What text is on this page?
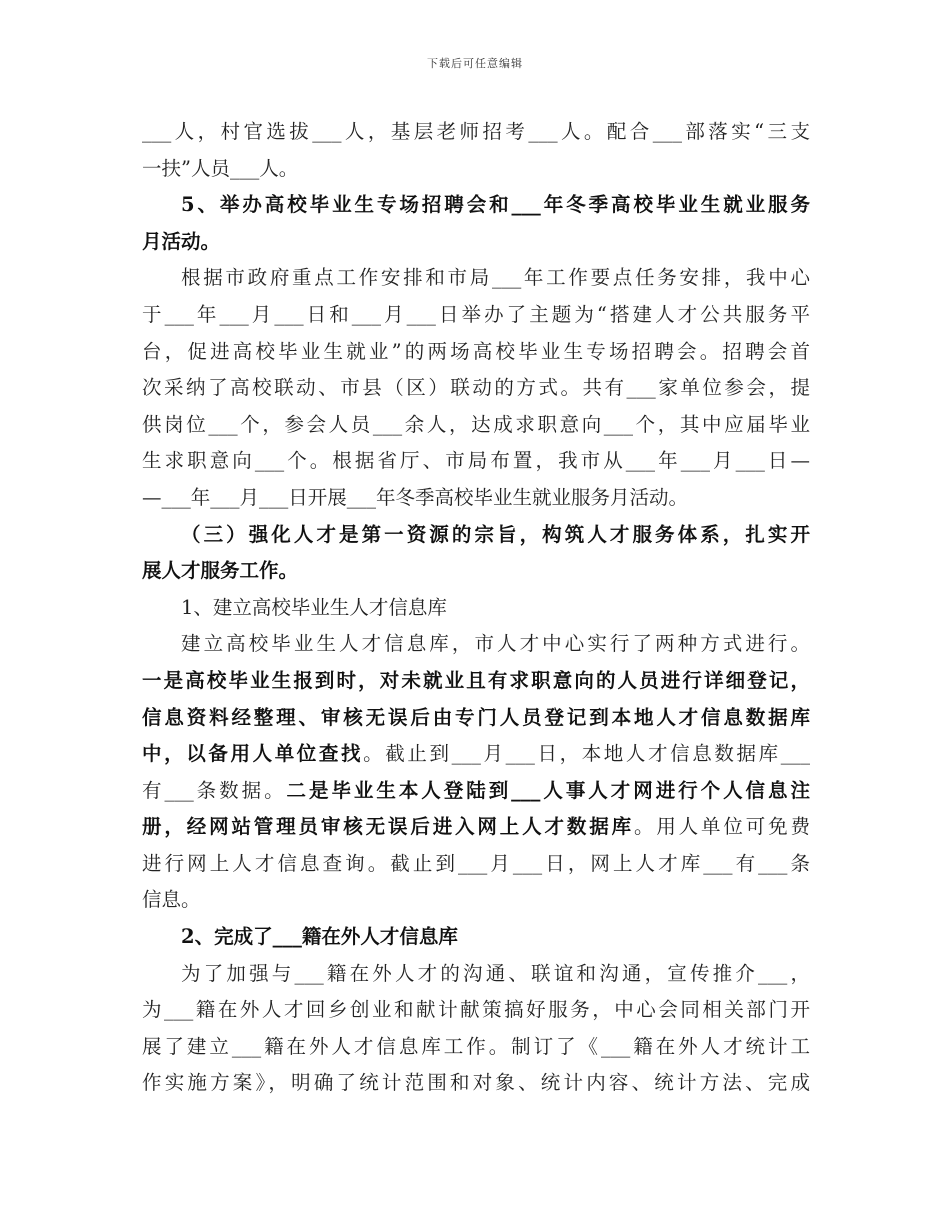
下载后可任意编辑

___人，村官选拔___人，基层老师招考___人。配合___部落实“三支

一扶”人员___人。

5、举办高校毕业生专场招聘会和___年冬季高校毕业生就业服务

月活动。

根据市政府重点工作安排和市局___年工作要点任务安排，我中心

于___年___月___日和___月___日举办了主题为“搭建人才公共服务平

台，促进高校毕业生就业”的两场高校毕业生专场招聘会。招聘会首

次采纳了高校联动、市县（区）联动的方式。共有___家单位参会，提

供岗位___个，参会人员___余人，达成求职意向___个，其中应届毕业

生求职意向___个。根据省厅、市局布置，我市从___年___月___日—

—___年___月___日开展___年冬季高校毕业生就业服务月活动。

（三）强化人才是第一资源的宗旨，构筑人才服务体系，扎实开

展人才服务工作。

1、建立高校毕业生人才信息库

建立高校毕业生人才信息库，市人才中心实行了两种方式进行。

一是高校毕业生报到时，对未就业且有求职意向的人员进行详细登记，

信息资料经整理、审核无误后由专门人员登记到本地人才信息数据库

中，以备用人单位查找。截止到___月___日，本地人才信息数据库___

有___条数据。二是毕业生本人登陆到___人事人才网进行个人信息注

册，经网站管理员审核无误后进入网上人才数据库。用人单位可免费

进行网上人才信息查询。截止到___月___日，网上人才库___有___条

信息。

2、完成了___籍在外人才信息库

为了加强与___籍在外人才的沟通、联谊和沟通，宣传推介___，

为___籍在外人才回乡创业和献计献策搞好服务，中心会同相关部门开

展了建立___籍在外人才信息库工作。制订了《___籍在外人才统计工

作实施方案》，明确了统计范围和对象、统计内容、统计方法、完成
